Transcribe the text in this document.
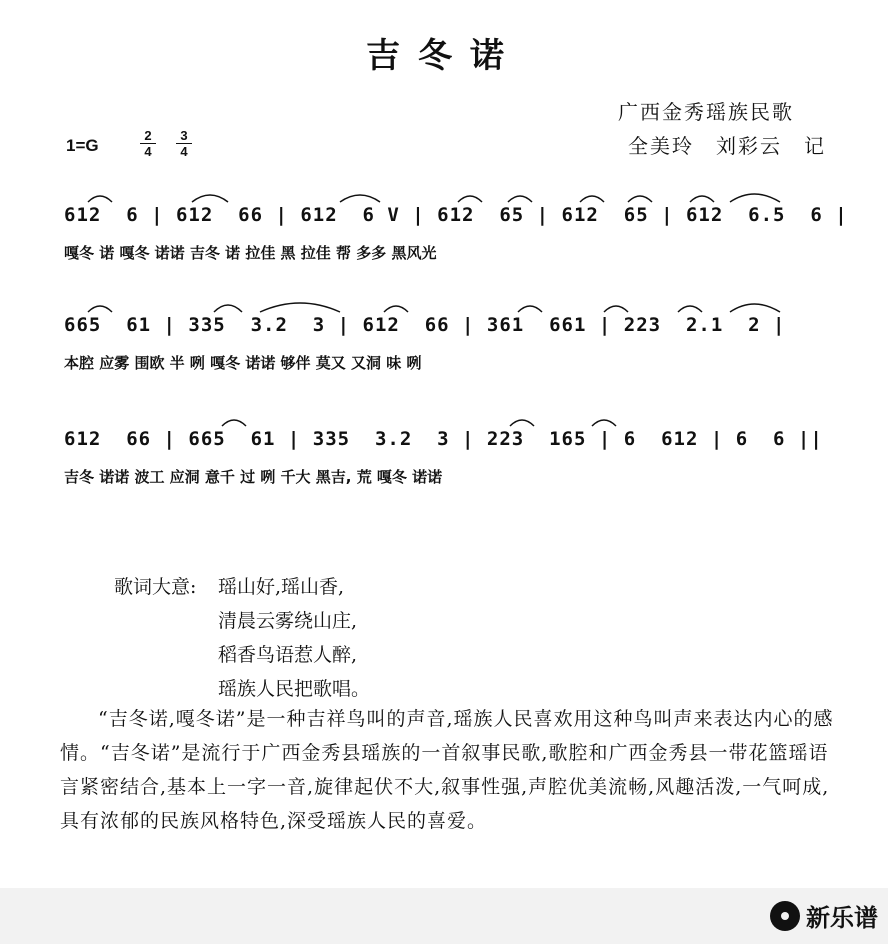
吉冬诺
广西金秀瑶族民歌
全美玲　刘彩云　记
1=G
2
4
3
4
612  6 | 612  66 | 612  6 V | 612  65 | 612  65 | 612  6.5  6 |
嘎冬 诺 嘎冬 诺诺 吉冬 诺 拉佳 黑 拉佳 帮 多多 黑风光
665  61 | 335  3.2  3 | 612  66 | 361  661 | 223  2.1  2 |
本腔 应雾 围欧 半 咧 嘎冬 诺诺 够伴 莫又 又洞 味 咧
612  66 | 665  61 | 335  3.2  3 | 223  165 | 6  612 | 6  6 ||
吉冬 诺诺 波工 应洞 意千 过 咧 千大 黑吉, 荒 嘎冬 诺诺
歌词大意: 瑶山好,瑶山香,
清晨云雾绕山庄,
稻香鸟语惹人醉,
瑶族人民把歌唱。
“吉冬诺,嘎冬诺”是一种吉祥鸟叫的声音,瑶族人民喜欢用这种鸟叫声来表达内心的感情。“吉冬诺”是流行于广西金秀县瑶族的一首叙事民歌,歌腔和广西金秀县一带花篮瑶语言紧密结合,基本上一字一音,旋律起伏不大,叙事性强,声腔优美流畅,风趣活泼,一气呵成,具有浓郁的民族风格特色,深受瑶族人民的喜爱。
新乐谱
